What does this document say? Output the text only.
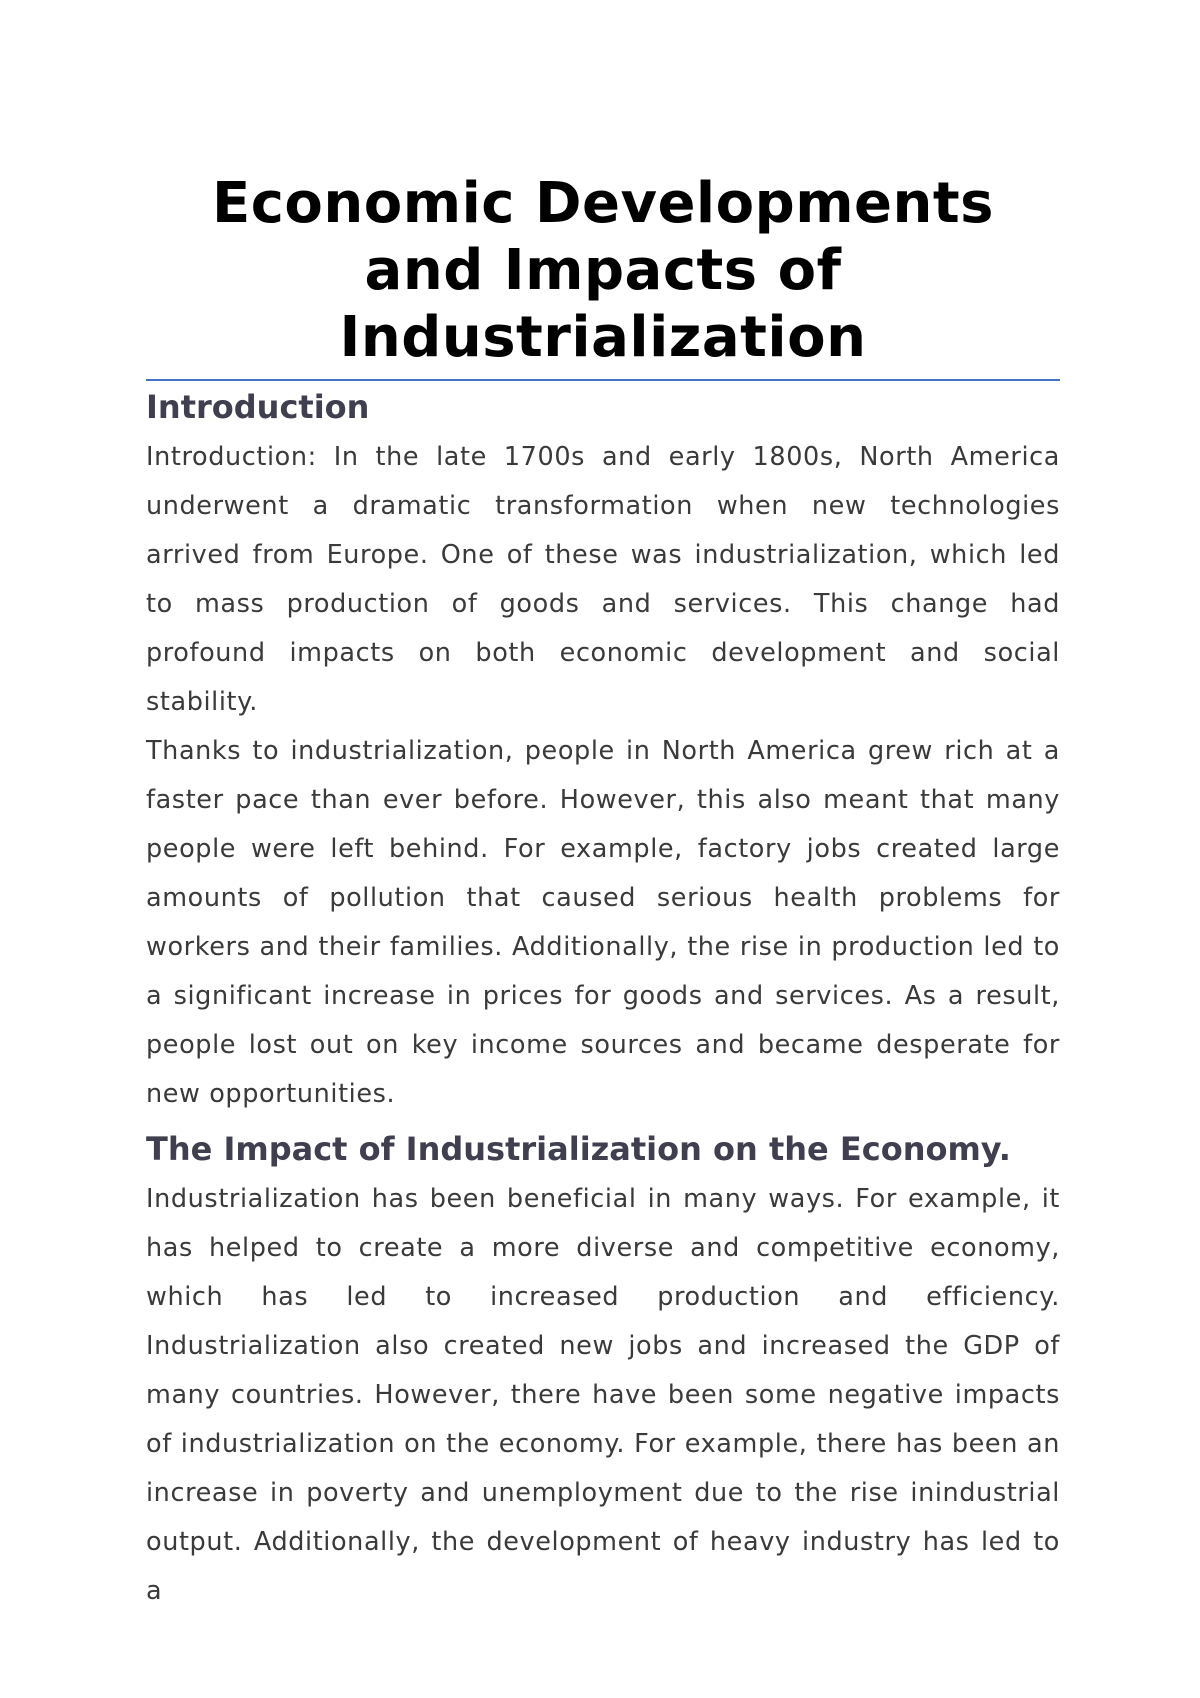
Economic Developments and Impacts of Industrialization
Introduction

Introduction: In the late 1700s and early 1800s, North America underwent a dramatic transformation when new technologies arrived from Europe. One of these was industrialization, which led to mass production of goods and services. This change had profound impacts on both economic development and social stability.

Thanks to industrialization, people in North America grew rich at a faster pace than ever before. However, this also meant that many people were left behind. For example, factory jobs created large amounts of pollution that caused serious health problems for workers and their families. Additionally, the rise in production led to a significant increase in prices for goods and services. As a result, people lost out on key income sources and became desperate for new opportunities.

The Impact of Industrialization on the Economy.

Industrialization has been beneficial in many ways. For example, it has helped to create a more diverse and competitive economy, which has led to increased production and efficiency. Industrialization also created new jobs and increased the GDP of many countries. However, there have been some negative impacts of industrialization on the economy. For example, there has been an increase in poverty and unemployment due to the rise inindustrial output. Additionally, the development of heavy industry has led to a
